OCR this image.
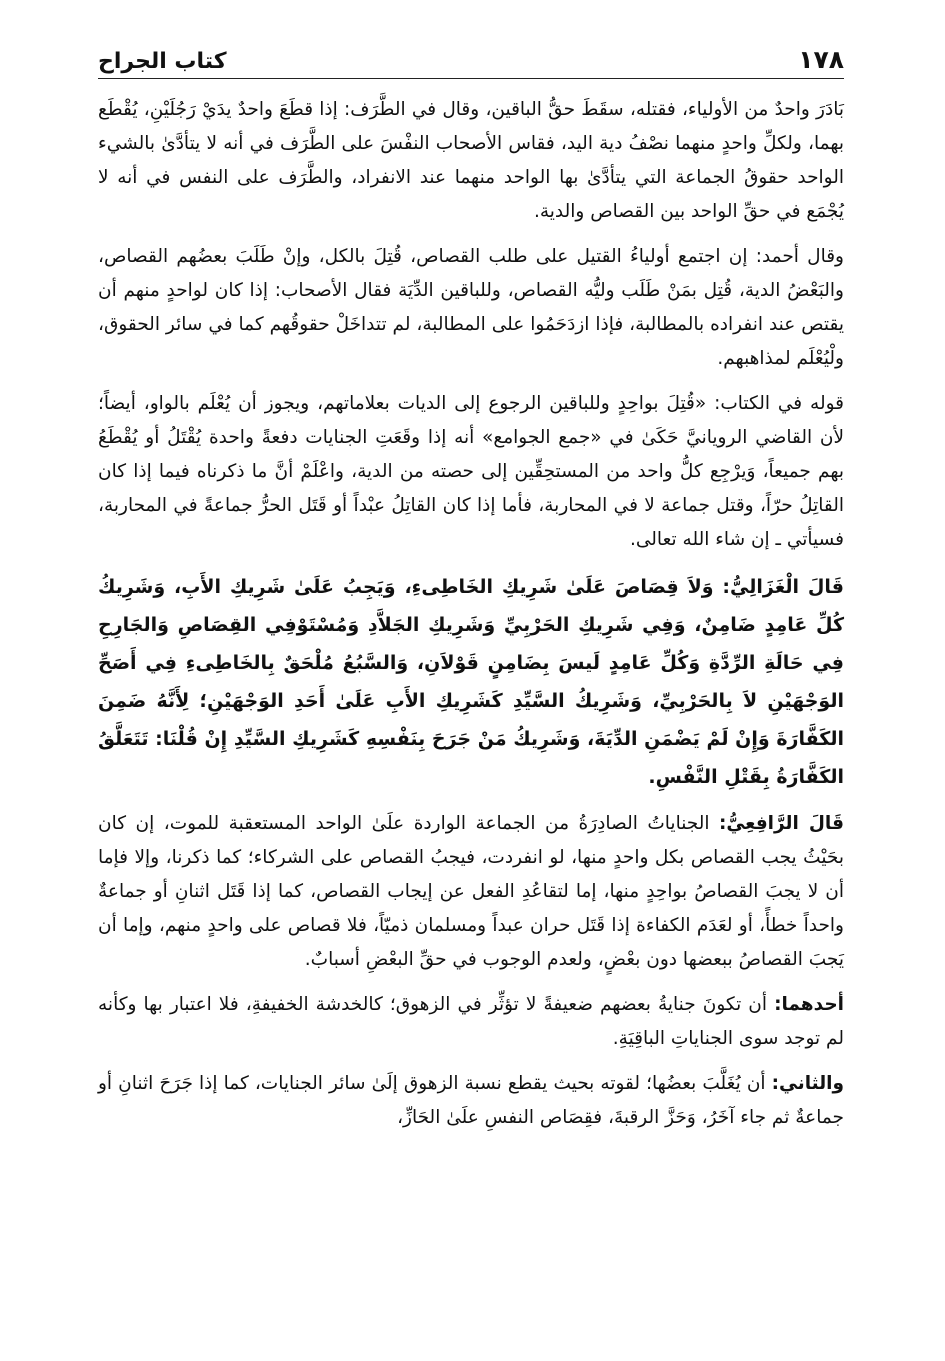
١٧٨
كتاب الجراح

بَادَرَ واحدٌ من الأولياء، فقتله، سقَطَ حقُّ الباقين، وقال في الطَّرَف: إذا قطَعَ واحدٌ يدَيْ رَجُلَيْنِ، يُقْطَع بهما، ولكلِّ واحدٍ منهما نصْفُ دية اليد، فقاس الأصحاب النفْسَ على الطَّرَف في أنه لا يتأدَّىٰ بالشيء الواحد حقوقُ الجماعة التي يتأدَّىٰ بها الواحد منهما عند الانفراد، والطَّرَف على النفس في أنه لا يُجْمَع في حقِّ الواحد بين القصاص والدية.

وقال أحمد: إن اجتمع أولياءُ القتيل على طلب القصاص، قُتِلَ بالكل، وإنْ طَلَبَ بعضُهم القصاص، والبَعْضُ الدية، قُتِل بمَنْ طَلَب وليُّه القصاص، وللباقين الدِّيَة فقال الأصحاب: إذا كان لواحدٍ منهم أن يقتص عند انفراده بالمطالبة، فإذا ازدَحَمُوا على المطالبة، لم تتداخَلْ حقوقُهم كما في سائر الحقوق، ولْيُعْلَم لمذاهبهم.

قوله في الكتاب: «قُتِلَ بواحِدٍ وللباقين الرجوع إلى الديات بعلاماتهم، ويجوز أن يُعْلَم بالواو، أيضاً؛ لأن القاضي الرويانيَّ حَكَىٰ في «جمع الجوامع» أنه إذا وقَعَتِ الجنايات دفعةً واحدة يُقْتَلُ أو يُقْطَعُ بهم جميعاً، وَيرْجِع كلُّ واحد من المستحِقِّين إلى حصته من الدية، واعْلَمْ أنَّ ما ذكرناه فيما إذا كان القاتِلُ حرّاً، وقتل جماعة لا في المحاربة، فأما إذا كان القاتِلُ عبْداً أو قَتَل الحرُّ جماعةً في المحاربة، فسيأتي ـ إن شاء الله تعالى.

قَالَ الْغَزَالِيُّ: وَلاَ قِصَاصَ عَلَىٰ شَرِيكِ الخَاطِىءِ، وَيَجِبُ عَلَىٰ شَرِيكِ الأَبِ، وَشَرِيكُ كُلِّ عَامِدٍ ضَامِنٌ، وَفِي شَرِيكِ الحَرْبِيِّ وَشَرِيكِ الجَلاَّدِ وَمُسْتَوْفِي القِصَاصِ وَالجَارِحِ فِي حَالَةِ الرِّدَّةِ وَكُلِّ عَامِدٍ لَيسَ بِضَامِنٍ قَوْلاَنِ، وَالسَّبُعُ مُلْحَقٌ بِالخَاطِىءِ فِي أَصَحِّ الوَجْهَيْنِ لاَ بِالحَرْبِيِّ، وَشَرِيكُ السَّيِّدِ كَشَرِيكِ الأَبِ عَلَىٰ أَحَدِ الوَجْهَيْنِ؛ لِأَنَّهُ ضَمِنَ الكَفَّارَةَ وَإِنْ لَمْ يَضْمَنِ الدِّيَةَ، وَشَرِيكُ مَنْ جَرَحَ بِنَفْسِهِ كَشَرِيكِ السَّيِّدِ إِنْ قُلْنَا: تَتَعَلَّقُ الكَفَّارَةُ بِقَتْلِ النَّفْسِ.

قَالَ الرَّافِعِيُّ: الجناياتُ الصادِرَةُ من الجماعة الواردة علَىٰ الواحد المستعقبة للموت، إن كان بحَيْثُ يجب القصاص بكل واحدٍ منها، لو انفردت، فيجبُ القصاص على الشركاء؛ كما ذكرنا، وإلا فإما أن لا يجبَ القصاصُ بواحِدٍ منها، إما لتقاعُدِ الفعل عن إيجاب القصاص، كما إذا قَتَل اثنانِ أو جماعةٌ واحداً خطأً، أو لعَدَم الكفاءة إذا قَتَل حران عبداً ومسلمان ذميّاً، فلا قصاص على واحدٍ منهم، وإما أن يَجبَ القصاصُ ببعضها دون بعْضٍ، ولعدم الوجوب في حقِّ البعْضِ أسبابٌ.

أحدهما: أن تكونَ جنايةُ بعضهم ضعيفةً لا تؤثِّر في الزهوق؛ كالخدشة الخفيفةِ، فلا اعتبار بها وكأنه لم توجد سوى الجناياتِ الباقِيَةِ.

والثاني: أن يُغَلَّبَ بعضُها؛ لقوته بحيث يقطع نسبة الزهوق إلَىٰ سائر الجنايات، كما إذا جَرَحَ اثنانِ أو جماعةٌ ثم جاء آخَرُ، وَحَزَّ الرقبةَ، فقِصَاص النفسِ علَىٰ الحَازِّ،
